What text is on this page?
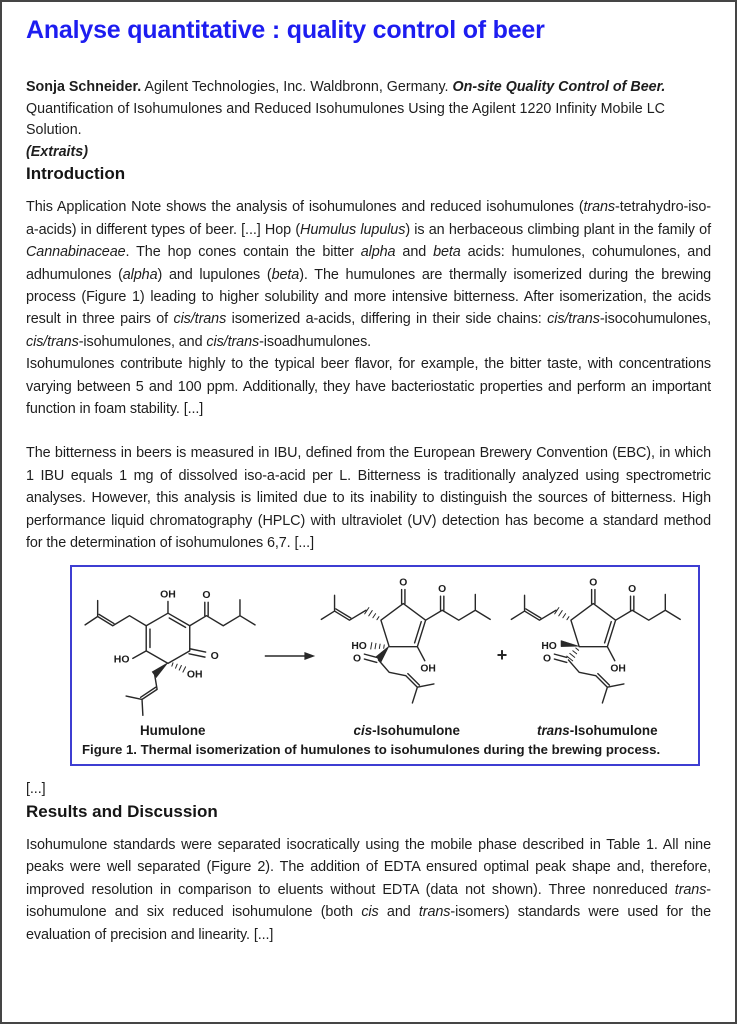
Analyse quantitative : quality control of beer

Sonja Schneider. Agilent Technologies, Inc. Waldbronn, Germany. On-site Quality Control of Beer.
Quantification of Isohumulones and Reduced Isohumulones Using the Agilent 1220 Infinity Mobile LC Solution.
(Extraits)

Introduction

This Application Note shows the analysis of isohumulones and reduced isohumulones (trans-tetrahydro-iso-a-acids) in different types of beer. [...] Hop (Humulus lupulus) is an herbaceous climbing plant in the family of Cannabinaceae. The hop cones contain the bitter alpha and beta acids: humulones, cohumulones, and adhumulones (alpha) and lupulones (beta). The humulones are thermally isomerized during the brewing process (Figure 1) leading to higher solubility and more intensive bitterness. After isomerization, the acids result in three pairs of cis/trans isomerized a-acids, differing in their side chains: cis/trans-isocohumulones, cis/trans-isohumulones, and cis/trans-isoadhumulones.

Isohumulones contribute highly to the typical beer flavor, for example, the bitter taste, with concentrations varying between 5 and 100 ppm. Additionally, they have bacteriostatic properties and perform an important function in foam stability. [...]

The bitterness in beers is measured in IBU, defined from the European Brewery Convention (EBC), in which 1 IBU equals 1 mg of dissolved iso-a-acid per L. Bitterness is traditionally analyzed using spectrometric analyses. However, this analysis is limited due to its inability to distinguish the sources of bitterness. High performance liquid chromatography (HPLC) with ultraviolet (UV) detection has become a standard method for the determination of isohumulones 6,7. [...]

OH
O
O
HO
OH
Humulone
O
O
OH
HO
O
cis-Isohumulone
+
O
O
OH
HO
O
trans-Isohumulone
Figure 1. Thermal isomerization of humulones to isohumulones during the brewing process.

[...]

Results and Discussion

Isohumulone standards were separated isocratically using the mobile phase described in Table 1. All nine peaks were well separated (Figure 2). The addition of EDTA ensured optimal peak shape and, therefore, improved resolution in comparison to eluents without EDTA (data not shown). Three nonreduced trans-isohumulone and six reduced isohumulone (both cis and trans-isomers) standards were used for the evaluation of precision and linearity. [...]
